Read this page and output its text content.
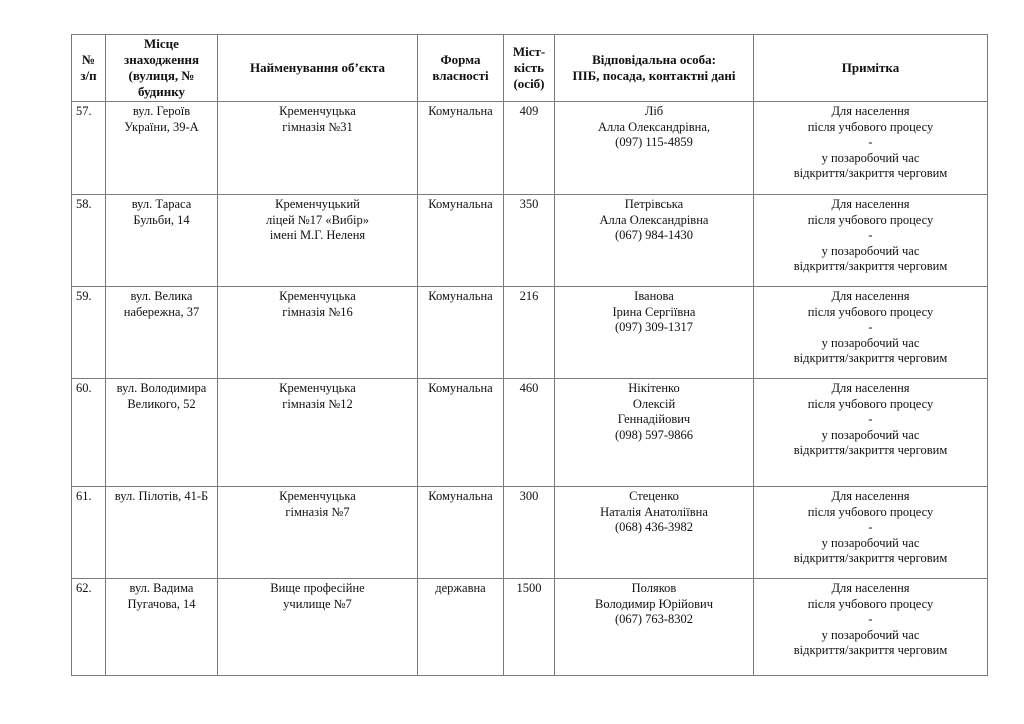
№
з/п	Місце
знаходження
(вулиця, №
будинку	Найменування об’єкта	Форма
власності	Міст-
кість
(осіб)	Відповідальна особа:
ПІБ, посада, контактні дані	Примітка

57.	вул. Героїв
України, 39-А	Кременчуцька
гімназія №31	Комунальна	409	Ліб
Алла Олександрівна,
(097) 115-4859	Для населення
після учбового процесу
-
у позаробочий час
відкриття/закриття черговим

58.	вул. Тараса
Бульби, 14	Кременчуцький
ліцей №17 «Вибір»
імені М.Г. Неленя	Комунальна	350	Петрівська
Алла Олександрівна
(067) 984-1430	Для населення
після учбового процесу
-
у позаробочий час
відкриття/закриття черговим

59.	вул. Велика
набережна, 37	Кременчуцька
гімназія №16	Комунальна	216	Іванова
Ірина Сергіївна
(097) 309-1317	Для населення
після учбового процесу
-
у позаробочий час
відкриття/закриття черговим

60.	вул. Володимира
Великого, 52	Кременчуцька
гімназія №12	Комунальна	460	Нікітенко
Олексій
Геннадійович
(098) 597-9866	Для населення
після учбового процесу
-
у позаробочий час
відкриття/закриття черговим

61.	вул. Пілотів, 41-Б	Кременчуцька
гімназія №7	Комунальна	300	Стеценко
Наталія Анатоліївна
(068) 436-3982	Для населення
після учбового процесу
-
у позаробочий час
відкриття/закриття черговим

62.	вул. Вадима
Пугачова, 14	Вище професійне
училище №7	державна	1500	Поляков
Володимир Юрійович
(067) 763-8302	Для населення
після учбового процесу
-
у позаробочий час
відкриття/закриття черговим
